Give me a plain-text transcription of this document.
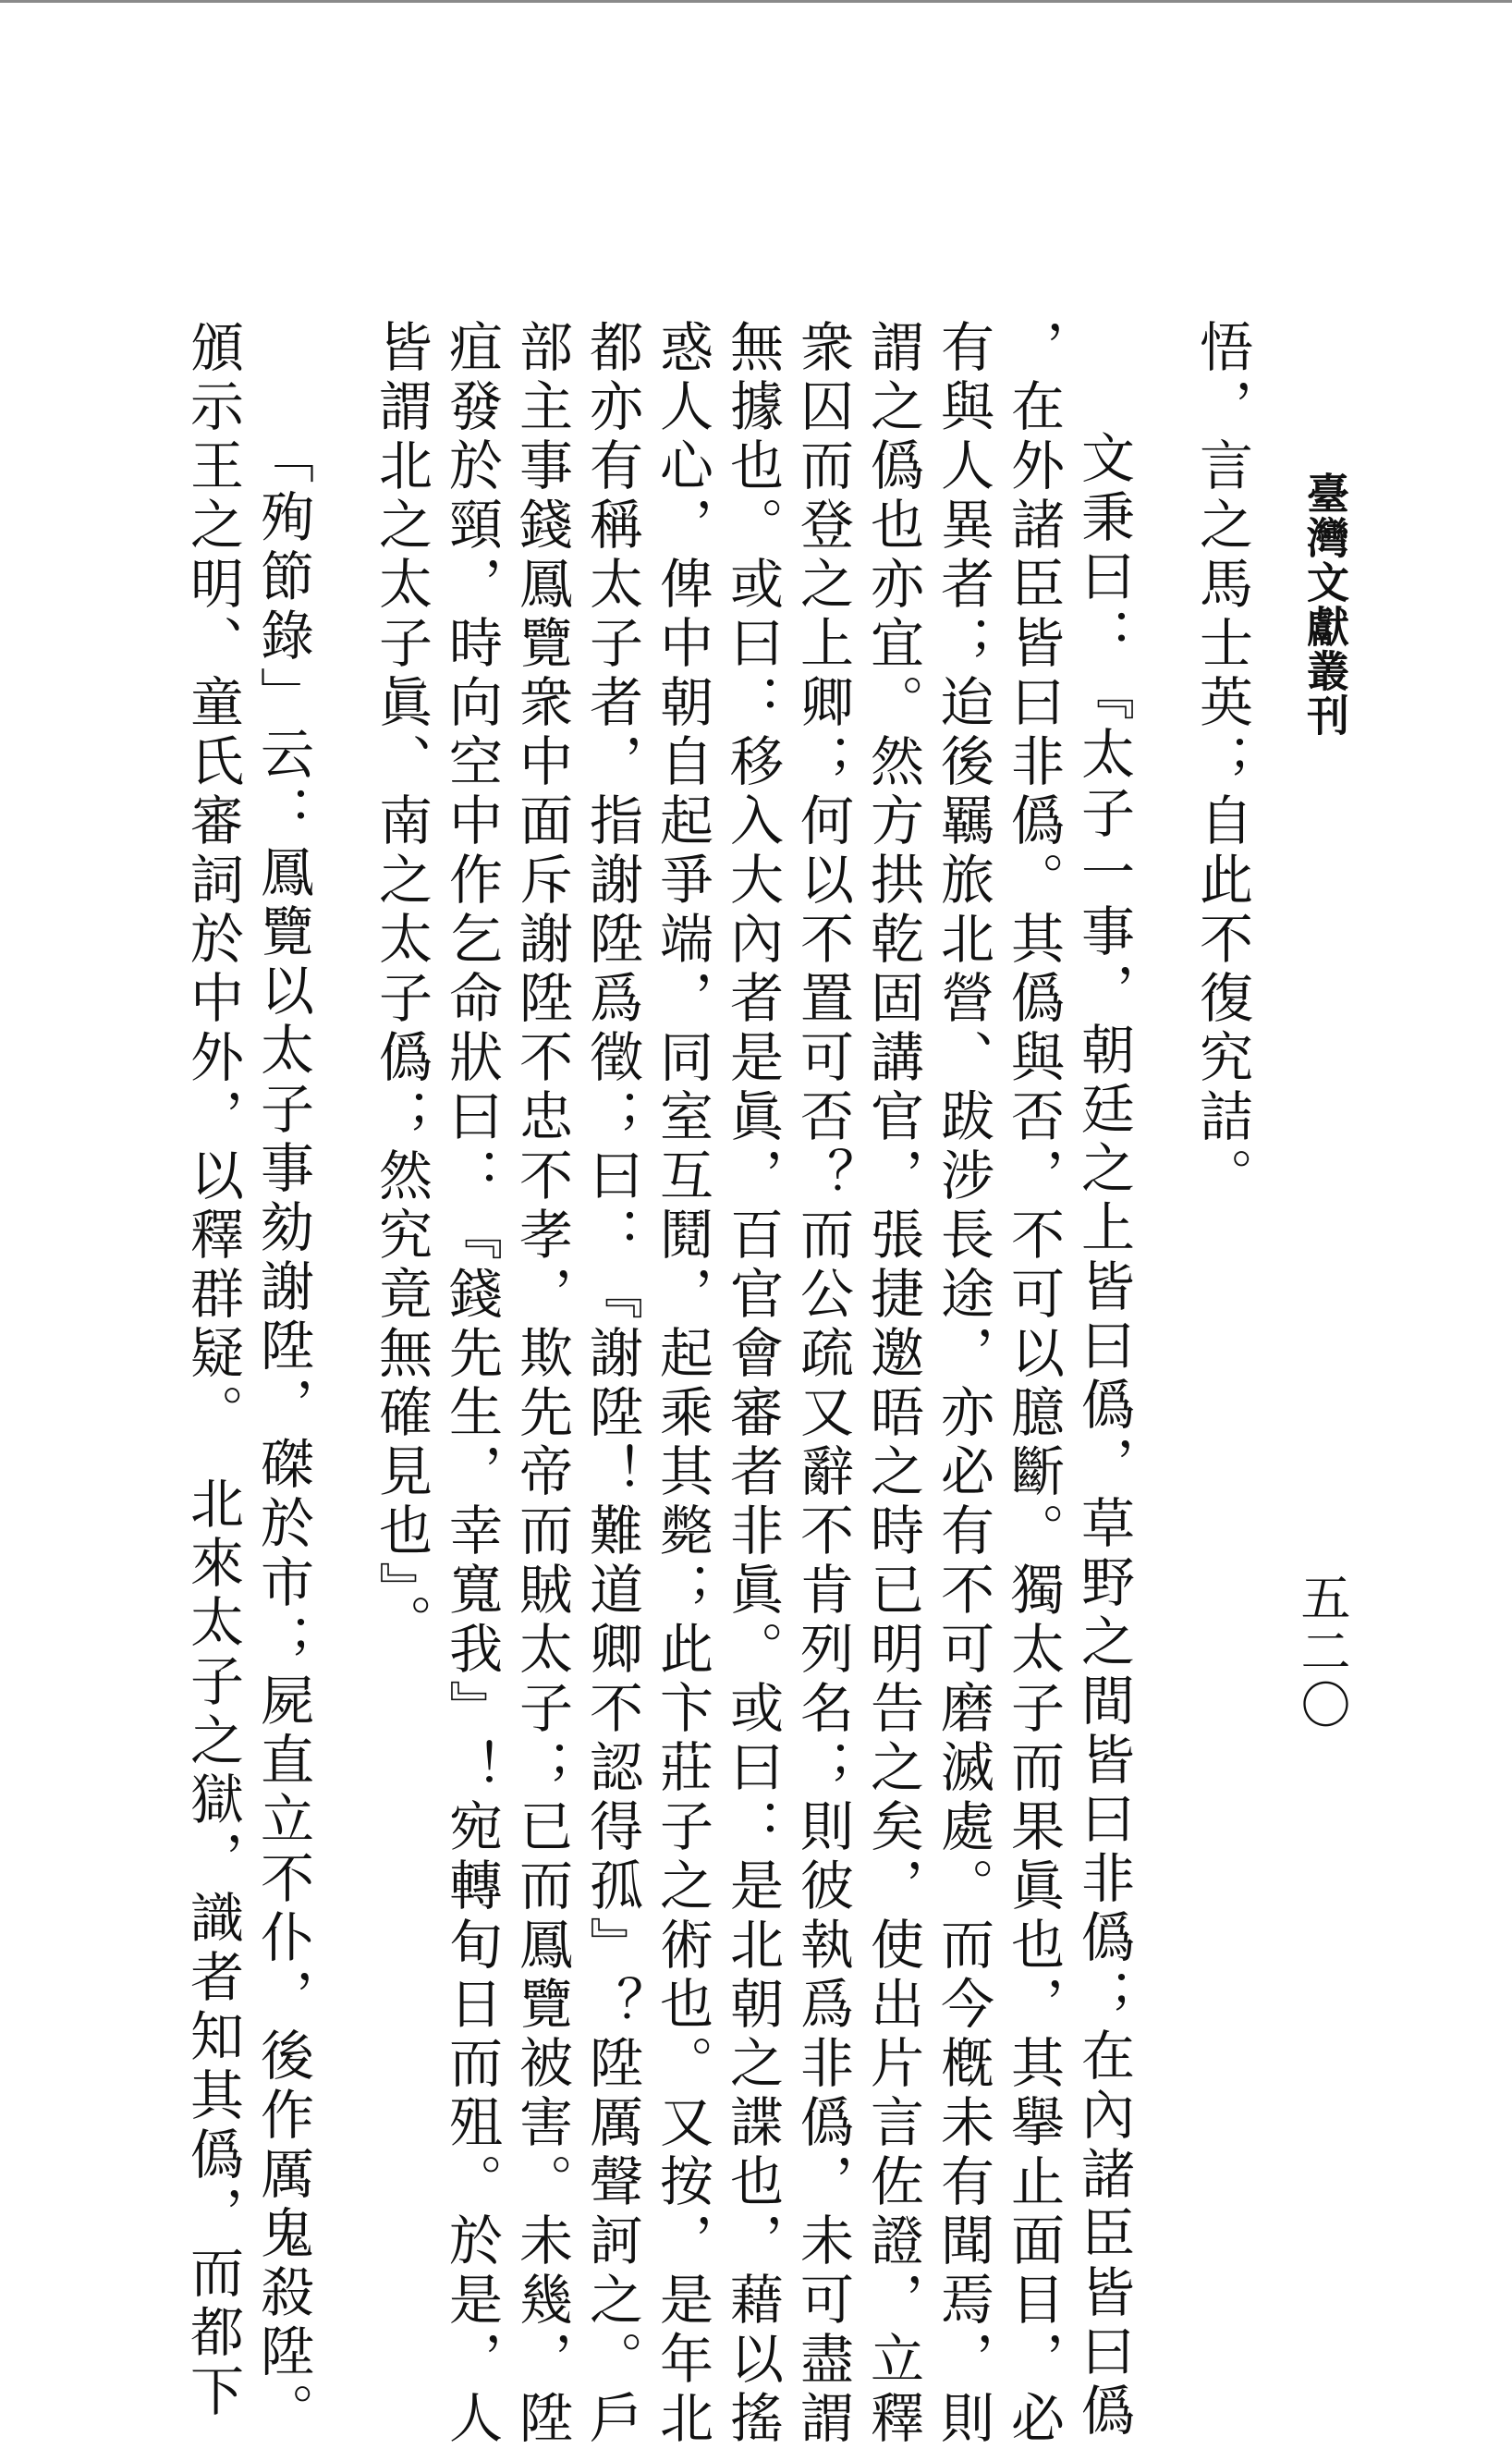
臺灣文獻叢刊
五二〇
悟，言之馬士英；自此不復究詰。
文秉曰：『太子一事，朝廷之上皆曰僞，草野之間皆曰非僞；在內諸臣皆曰僞
，在外諸臣皆曰非僞。其僞與否，不可以臆斷。獨太子而果眞也，其擧止面目，必
有與人異者；迨後羈旅北營、跋涉長途，亦必有不可磨滅處。而今槪未有聞焉，則
謂之僞也亦宜。然方拱乾固講官，張捷邀晤之時已明告之矣，使出片言佐證，立釋
衆囚而登之上卿；何以不置可否？而公疏又辭不肯列名；則彼執爲非僞，未可盡謂
無據也。或曰：移入大內者是眞，百官會審者非眞。或曰：是北朝之諜也，藉以搖
惑人心，俾中朝自起爭端，同室互鬩，起乘其斃；此卞莊子之術也。又按，是年北
都亦有稱太子者，指謝陞爲徵；曰：『謝陞！難道卿不認得孤』？陞厲聲訶之。戶
部主事錢鳳覽衆中面斥謝陞不忠不孝，欺先帝而賊太子；已而鳳覽被害。未幾，陞
疽發於頸，時向空中作乞命狀曰：『錢先生，幸寬我』！宛轉旬日而殂。於是，人
皆謂北之太子眞、南之太子僞；然究竟無確見也』。
「殉節錄」云：鳳覽以太子事劾謝陞，磔於市；屍直立不仆，後作厲鬼殺陞。
頒示王之明、童氏審詞於中外，以釋群疑。　北來太子之獄，識者知其僞，而都下
